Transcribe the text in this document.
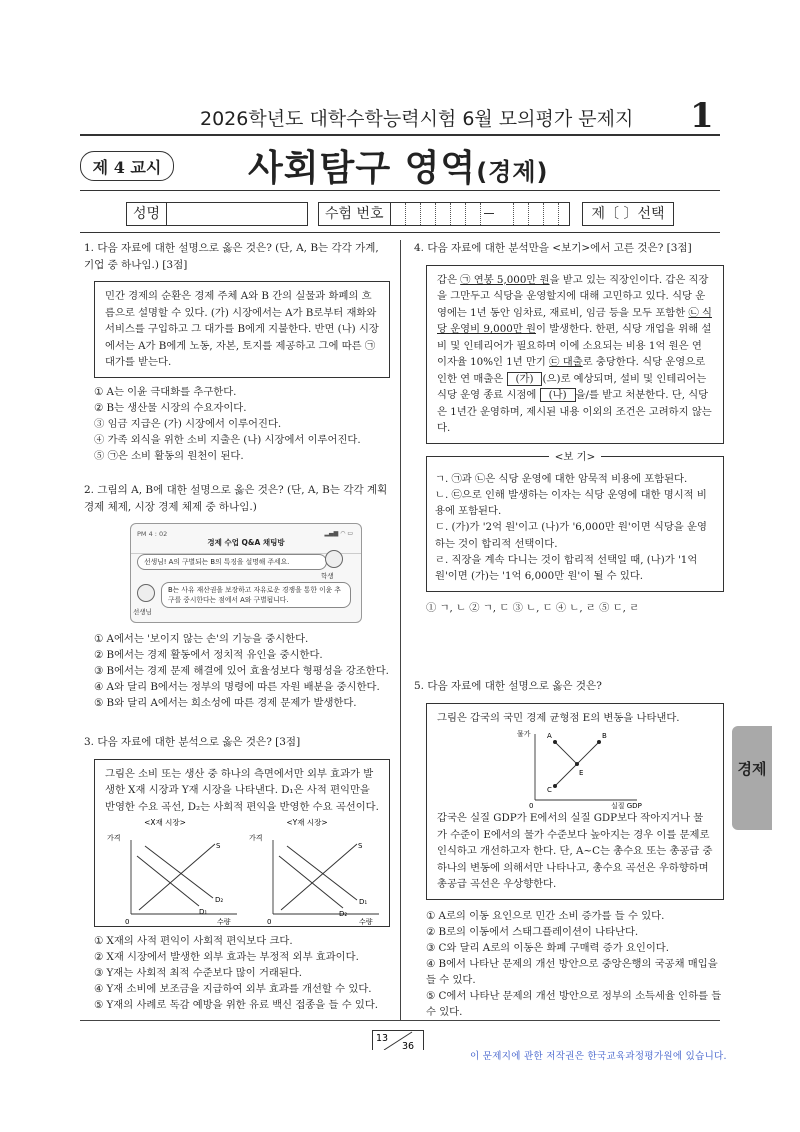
2026학년도 대학수학능력시험 6월 모의평가 문제지 1
제 4 교시	사회탐구 영역(경제)
성명	수험 번호	제〔 〕선택
1. 다음 자료에 대한 설명으로 옳은 것은? (단, A, B는 각각 가계, 기업 중 하나임.) [3점]
민간 경제의 순환은 경제 주체 A와 B 간의 실물과 화폐의 흐름으로 설명할 수 있다. (가) 시장에서는 A가 B로부터 재화와 서비스를 구입하고 그 대가를 B에게 지불한다. 반면 (나) 시장에서는 A가 B에게 노동, 자본, 토지를 제공하고 그에 따른 ㉠ 대가를 받는다.
① A는 이윤 극대화를 추구한다.
② B는 생산물 시장의 수요자이다.
③ 임금 지급은 (가) 시장에서 이루어진다.
④ 가족 외식을 위한 소비 지출은 (나) 시장에서 이루어진다.
⑤ ㉠은 소비 활동의 원천이 된다.
2. 그림의 A, B에 대한 설명으로 옳은 것은? (단, A, B는 각각 계획 경제 체제, 시장 경제 체제 중 하나임.)
PM 4 : 02	▂▄▆ ◠ ▭
경제 수업 Q&A 채팅방
선생님! A의 구별되는 B의 특징을 설명해 주세요.
학생
선생님
B는 사유 재산권을 보장하고 자유로운 경쟁을 통한 이윤 추구를 중시한다는 점에서 A와 구별됩니다.
① A에서는 '보이지 않는 손'의 기능을 중시한다.
② B에서는 경제 활동에서 정치적 유인을 중시한다.
③ B에서는 경제 문제 해결에 있어 효율성보다 형평성을 강조한다.
④ A와 달리 B에서는 정부의 명령에 따른 자원 배분을 중시한다.
⑤ B와 달리 A에서는 희소성에 따른 경제 문제가 발생한다.
3. 다음 자료에 대한 분석으로 옳은 것은? [3점]
그림은 소비 또는 생산 중 하나의 측면에서만 외부 효과가 발생한 X재 시장과 Y재 시장을 나타낸다. D₁은 사적 편익만을 반영한 수요 곡선, D₂는 사회적 편익을 반영한 수요 곡선이다.
<X재 시장>
가격
0	수량
S
D₂
D₁
<Y재 시장>
가격
0	수량
S
D₁
D₂
① X재의 사적 편익이 사회적 편익보다 크다.
② X재 시장에서 발생한 외부 효과는 부정적 외부 효과이다.
③ Y재는 사회적 최적 수준보다 많이 거래된다.
④ Y재 소비에 보조금을 지급하여 외부 효과를 개선할 수 있다.
⑤ Y재의 사례로 독감 예방을 위한 유료 백신 접종을 들 수 있다.
4. 다음 자료에 대한 분석만을 <보기>에서 고른 것은? [3점]
갑은 ㉠ 연봉 5,000만 원을 받고 있는 직장인이다. 갑은 직장을 그만두고 식당을 운영할지에 대해 고민하고 있다. 식당 운영에는 1년 동안 임차료, 재료비, 임금 등을 모두 포함한 ㉡ 식당 운영비 9,000만 원이 발생한다. 한편, 식당 개업을 위해 설비 및 인테리어가 필요하며 이에 소요되는 비용 1억 원은 연 이자율 10%인 1년 만기 ㉢ 대출로 충당한다. 식당 운영으로 인한 연 매출은 (가) (으)로 예상되며, 설비 및 인테리어는 식당 운영 종료 시점에 (나) 을/를 받고 처분한다. 단, 식당은 1년간 운영하며, 제시된 내용 이외의 조건은 고려하지 않는다.
<보 기>
ㄱ. ㉠과 ㉡은 식당 운영에 대한 암묵적 비용에 포함된다.
ㄴ. ㉢으로 인해 발생하는 이자는 식당 운영에 대한 명시적 비용에 포함된다.
ㄷ. (가)가 '2억 원'이고 (나)가 '6,000만 원'이면 식당을 운영하는 것이 합리적 선택이다.
ㄹ. 직장을 계속 다니는 것이 합리적 선택일 때, (나)가 '1억 원'이면 (가)는 '1억 6,000만 원'이 될 수 있다.
① ㄱ, ㄴ ② ㄱ, ㄷ ③ ㄴ, ㄷ ④ ㄴ, ㄹ ⑤ ㄷ, ㄹ
5. 다음 자료에 대한 설명으로 옳은 것은?
그림은 갑국의 국민 경제 균형점 E의 변동을 나타낸다.
물가
0	실질 GDP
A	B
C
E
갑국은 실질 GDP가 E에서의 실질 GDP보다 작아지거나 물가 수준이 E에서의 물가 수준보다 높아지는 경우 이를 문제로 인식하고 개선하고자 한다. 단, A~C는 총수요 또는 총공급 중 하나의 변동에 의해서만 나타나고, 총수요 곡선은 우하향하며 총공급 곡선은 우상향한다.
① A로의 이동 요인으로 민간 소비 증가를 들 수 있다.
② B로의 이동에서 스태그플레이션이 나타난다.
③ C와 달리 A로의 이동은 화폐 구매력 증가 요인이다.
④ B에서 나타난 문제의 개선 방안으로 중앙은행의 국공채 매입을 들 수 있다.
⑤ C에서 나타난 문제의 개선 방안으로 정부의 소득세율 인하를 들 수 있다.
경제
13
36
이 문제지에 관한 저작권은 한국교육과정평가원에 있습니다.
